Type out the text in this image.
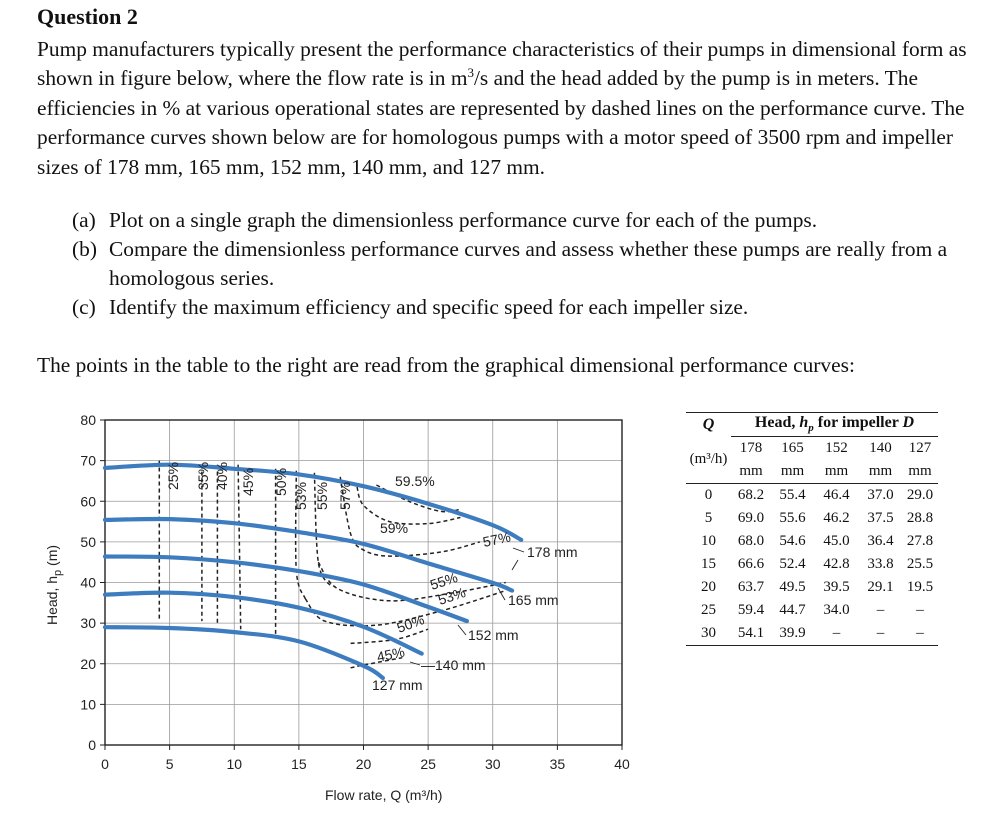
Question 2
Pump manufacturers typically present the performance characteristics of their pumps in dimensional form as shown in figure below, where the flow rate is in $m^3/s$ and the head added by the pump is in meters. The efficiencies in % at various operational states are represented by dashed lines on the performance curve. The performance curves shown below are for homologous pumps with a motor speed of 3500 rpm and impeller sizes of 178 mm, 165 mm, 152 mm, 140 mm, and 127 mm.
(a) Plot on a single graph the dimensionless performance curve for each of the pumps.
(b) Compare the dimensionless performance curves and assess whether these pumps are really from a homologous series.
(c) Identify the maximum efficiency and specific speed for each impeller size.
The points in the table to the right are read from the graphical dimensional performance curves:
0	5	10	15	20	25	30	35	40
0
10
20
30
40
50
60
70
80
25% 35% 40% 45% 50% 53% 55% 57%
59.5%
59%
57%
55%
53%
50%
45%
178 mm
165 mm
152 mm
—140 mm
127 mm
Flow rate, Q (m³/h)
Head, $h_p$ (m)
Q	Head, $h_p$ for impeller D				
(m³/h)	178	165	152	140	127
	mm	mm	mm	mm	mm
0	68.2	55.4	46.4	37.0	29.0
5	69.0	55.6	46.2	37.5	28.8
10	68.0	54.6	45.0	36.4	27.8
15	66.6	52.4	42.8	33.8	25.5
20	63.7	49.5	39.5	29.1	19.5
25	59.4	44.7	34.0	–	–
30	54.1	39.9	–	–	–
